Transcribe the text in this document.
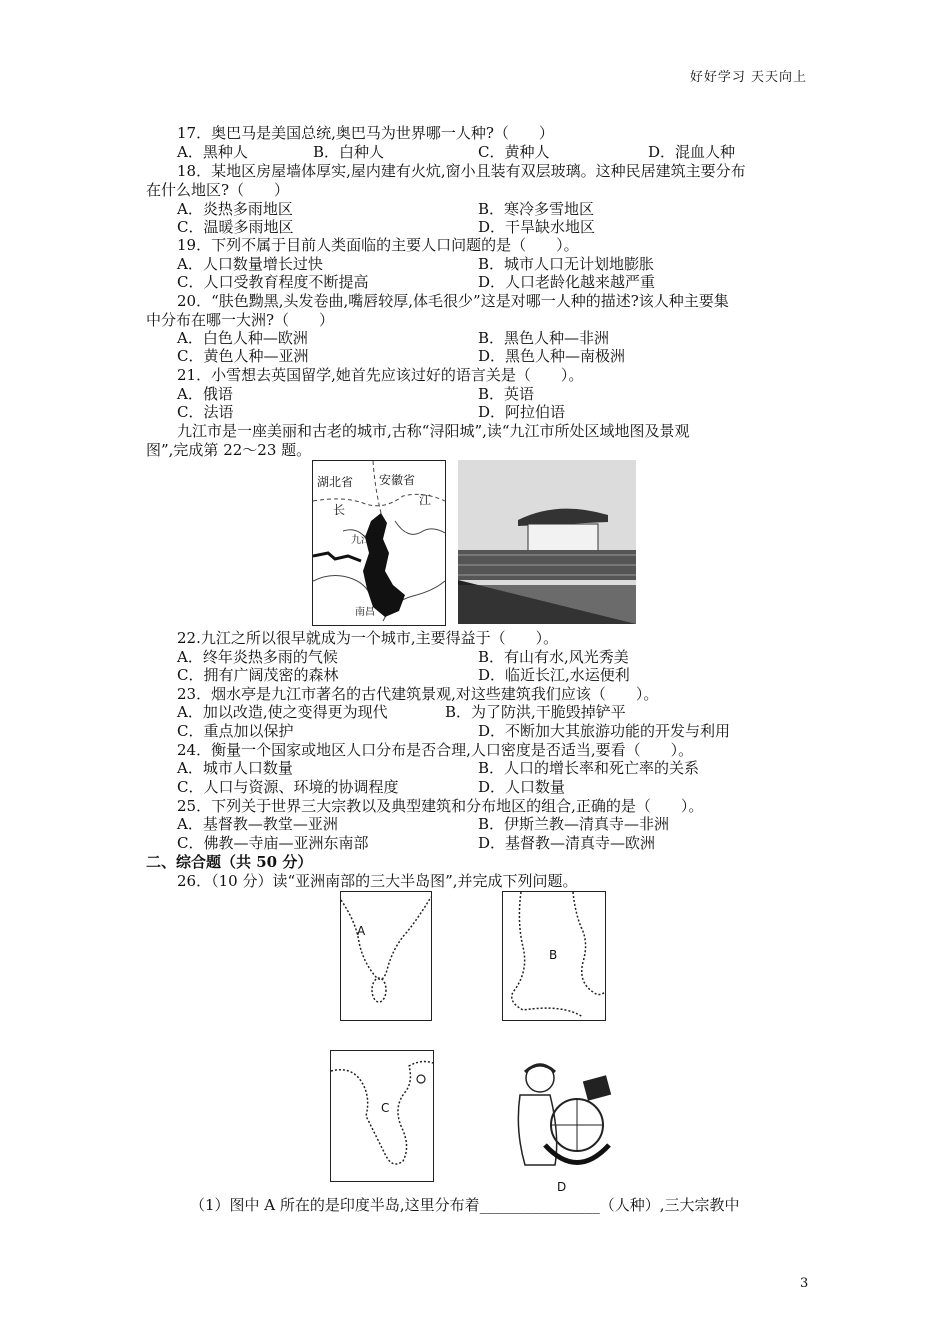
好好学习 天天向上
17．奥巴马是美国总统,奥巴马为世界哪一人种?（　　）
A．黑种人	B．白种人	C．黄种人	D．混血人种
18．某地区房屋墙体厚实,屋内建有火炕,窗小且装有双层玻璃。这种民居建筑主要分布
在什么地区?（　　）
A．炎热多雨地区	B．寒冷多雪地区
C．温暖多雨地区	D．干旱缺水地区
19．下列不属于目前人类面临的主要人口问题的是（　　）。
A．人口数量增长过快	B．城市人口无计划地膨胀
C．人口受教育程度不断提高	D．人口老龄化越来越严重
20．“肤色黝黑,头发卷曲,嘴唇较厚,体毛很少”这是对哪一人种的描述?该人种主要集
中分布在哪一大洲?（　　）
A．白色人种—欧洲	B．黑色人种—非洲
C．黄色人种—亚洲	D．黑色人种—南极洲
21．小雪想去英国留学,她首先应该过好的语言关是（　　）。
A．俄语	B．英语
C．法语	D．阿拉伯语
九江市是一座美丽和古老的城市,古称“浔阳城”,读“九江市所处区域地图及景观
图”,完成第 22～23 题。
湖北省 安徽省
长
江
九江
南昌
22.九江之所以很早就成为一个城市,主要得益于（　　）。
A．终年炎热多雨的气候	B．有山有水,风光秀美
C．拥有广阔茂密的森林	D．临近长江,水运便利
23．烟水亭是九江市著名的古代建筑景观,对这些建筑我们应该（　　）。
A．加以改造,使之变得更为现代	B．为了防洪,干脆毁掉铲平
C．重点加以保护	D．不断加大其旅游功能的开发与利用
24．衡量一个国家或地区人口分布是否合理,人口密度是否适当,要看（　　）。
A．城市人口数量	B．人口的增长率和死亡率的关系
C．人口与资源、环境的协调程度	D．人口数量
25．下列关于世界三大宗教以及典型建筑和分布地区的组合,正确的是（　　）。
A．基督教—教堂—亚洲	B．伊斯兰教—清真寺—非洲
C．佛教—寺庙—亚洲东南部	D．基督教—清真寺—欧洲
二、综合题（共 50 分）
26．（10 分）读“亚洲南部的三大半岛图”,并完成下列问题。
A
B
C
D
（1）图中 A 所在的是印度半岛,这里分布着________________（人种）,三大宗教中
3
